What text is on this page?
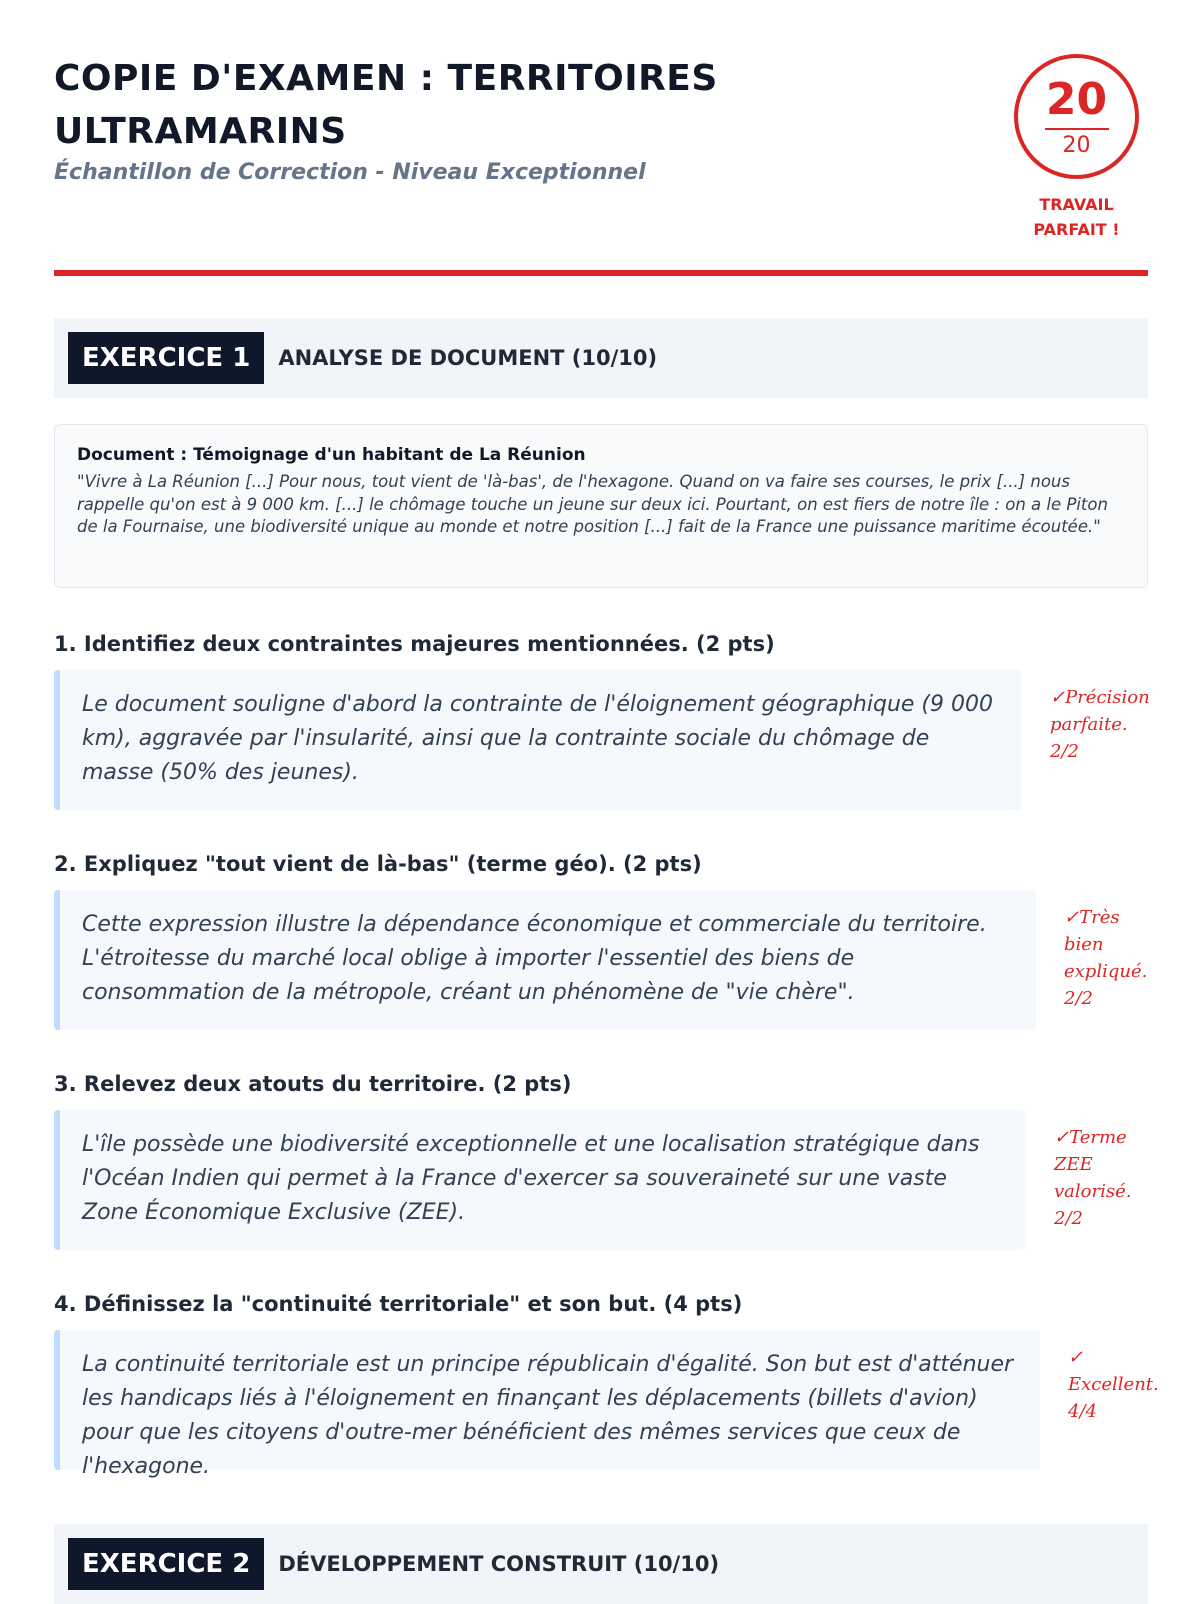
COPIE D'EXAMEN : TERRITOIRES ULTRAMARINS
Échantillon de Correction - Niveau Exceptionnel
20
20
TRAVAIL PARFAIT !
EXERCICE 1	ANALYSE DE DOCUMENT (10/10)
Document : Témoignage d'un habitant de La Réunion
"Vivre à La Réunion [...] Pour nous, tout vient de 'là-bas', de l'hexagone. Quand on va faire ses courses, le prix [...] nous rappelle qu'on est à 9 000 km. [...] le chômage touche un jeune sur deux ici. Pourtant, on est fiers de notre île : on a le Piton de la Fournaise, une biodiversité unique au monde et notre position [...] fait de la France une puissance maritime écoutée."
1. Identifiez deux contraintes majeures mentionnées. (2 pts)
Le document souligne d'abord la contrainte de l'éloignement géographique (9 000 km), aggravée par l'insularité, ainsi que la contrainte sociale du chômage de masse (50% des jeunes).
✓Précision parfaite. 2/2
2. Expliquez "tout vient de là-bas" (terme géo). (2 pts)
Cette expression illustre la dépendance économique et commerciale du territoire. L'étroitesse du marché local oblige à importer l'essentiel des biens de consommation de la métropole, créant un phénomène de "vie chère".
✓Très bien expliqué. 2/2
3. Relevez deux atouts du territoire. (2 pts)
L'île possède une biodiversité exceptionnelle et une localisation stratégique dans l'Océan Indien qui permet à la France d'exercer sa souveraineté sur une vaste Zone Économique Exclusive (ZEE).
✓Terme ZEE valorisé. 2/2
4. Définissez la "continuité territoriale" et son but. (4 pts)
La continuité territoriale est un principe républicain d'égalité. Son but est d'atténuer les handicaps liés à l'éloignement en finançant les déplacements (billets d'avion) pour que les citoyens d'outre-mer bénéficient des mêmes services que ceux de l'hexagone.
✓ Excellent. 4/4
EXERCICE 2	DÉVELOPPEMENT CONSTRUIT (10/10)
